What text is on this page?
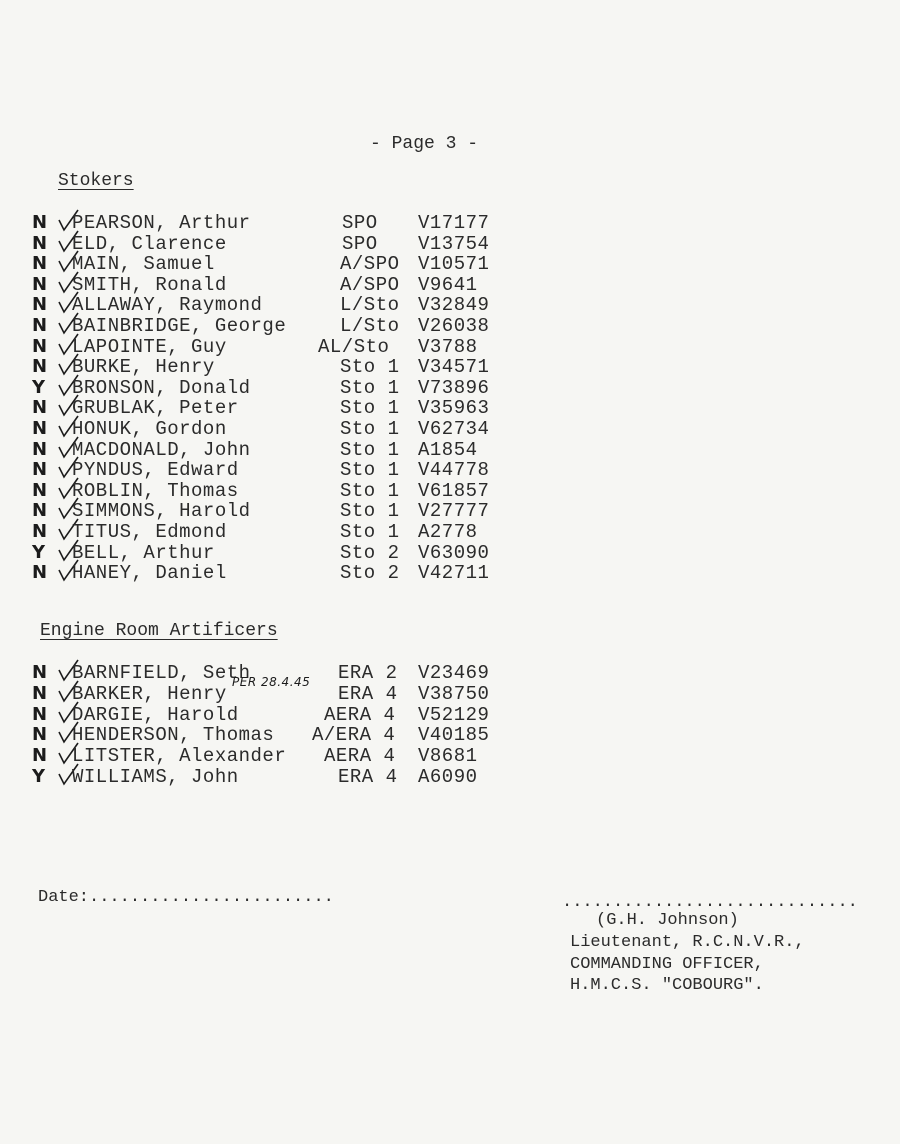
- Page 3 -
Stokers
N PEARSON, Arthur	SPO V17177
N ELD, Clarence	SPO V13754
N MAIN, Samuel	A/SPO V10571
N SMITH, Ronald	A/SPO V9641
N ALLAWAY, Raymond	L/Sto V32849
N BAINBRIDGE, George	L/Sto V26038
N LAPOINTE, Guy	AL/Sto V3788
N BURKE, Henry	Sto 1 V34571
Y BRONSON, Donald	Sto 1 V73896
N GRUBLAK, Peter	Sto 1 V35963
N HONUK, Gordon	Sto 1 V62734
N MACDONALD, John	Sto 1 A1854
N PYNDUS, Edward	Sto 1 V44778
N ROBLIN, Thomas	Sto 1 V61857
N SIMMONS, Harold	Sto 1 V27777
N TITUS, Edmond	Sto 1 A2778
Y BELL, Arthur	Sto 2 V63090
N HANEY, Daniel	Sto 2 V42711
Engine Room Artificers
N BARNFIELD, Seth	ERA 2 V23469
N BARKER, Henry	ERA 4 V38750
PER 28.4.45
N DARGIE, Harold	AERA 4 V52129
N HENDERSON, Thomas A/ERA 4 V40185
N LITSTER, Alexander AERA 4 V8681
Y WILLIAMS, John	ERA 4 A6090
Date:........................	.............................
(G.H. Johnson)
Lieutenant, R.C.N.V.R.,
COMMANDING OFFICER,
H.M.C.S. "COBOURG".
